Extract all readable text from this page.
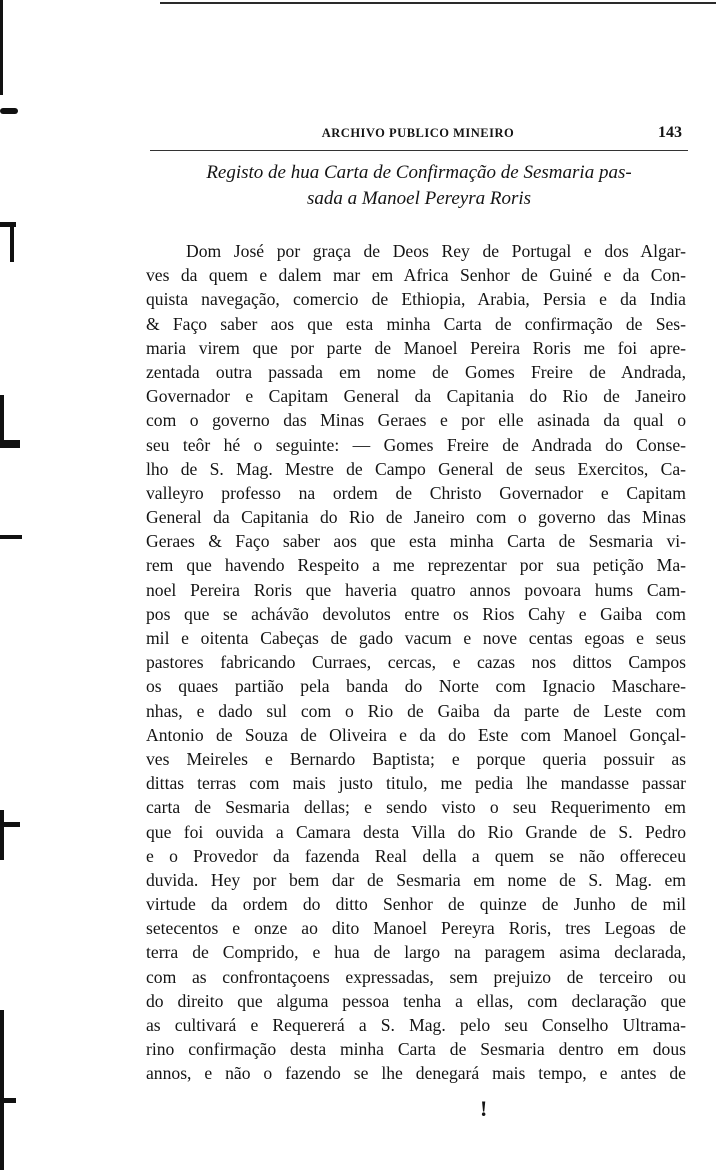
ARCHIVO PUBLICO MINEIRO	143
Registo de hua Carta de Confirmação de Sesmaria pas-
sada a Manoel Pereyra Roris
Dom José por graça de Deos Rey de Portugal e dos Algar-
ves da quem e dalem mar em Africa Senhor de Guiné e da Con-
quista navegação, comercio de Ethiopia, Arabia, Persia e da India
& Faço saber aos que esta minha Carta de confirmação de Ses-
maria virem que por parte de Manoel Pereira Roris me foi apre-
zentada outra passada em nome de Gomes Freire de Andrada,
Governador e Capitam General da Capitania do Rio de Janeiro
com o governo das Minas Geraes e por elle asinada da qual o
seu teôr hé o seguinte: — Gomes Freire de Andrada do Conse-
lho de S. Mag. Mestre de Campo General de seus Exercitos, Ca-
valleyro professo na ordem de Christo Governador e Capitam
General da Capitania do Rio de Janeiro com o governo das Minas
Geraes & Faço saber aos que esta minha Carta de Sesmaria vi-
rem que havendo Respeito a me reprezentar por sua petição Ma-
noel Pereira Roris que haveria quatro annos povoara hums Cam-
pos que se achávão devolutos entre os Rios Cahy e Gaiba com
mil e oitenta Cabeças de gado vacum e nove centas egoas e seus
pastores fabricando Curraes, cercas, e cazas nos dittos Campos
os quaes partião pela banda do Norte com Ignacio Maschare-
nhas, e dado sul com o Rio de Gaiba da parte de Leste com
Antonio de Souza de Oliveira e da do Este com Manoel Gonçal-
ves Meireles e Bernardo Baptista; e porque queria possuir as
dittas terras com mais justo titulo, me pedia lhe mandasse passar
carta de Sesmaria dellas; e sendo visto o seu Requerimento em
que foi ouvida a Camara desta Villa do Rio Grande de S. Pedro
e o Provedor da fazenda Real della a quem se não offereceu
duvida. Hey por bem dar de Sesmaria em nome de S. Mag. em
virtude da ordem do ditto Senhor de quinze de Junho de mil
setecentos e onze ao dito Manoel Pereyra Roris, tres Legoas de
terra de Comprido, e hua de largo na paragem asima declarada,
com as confrontaçoens expressadas, sem prejuizo de terceiro ou
do direito que alguma pessoa tenha a ellas, com declaração que
as cultivará e Requererá a S. Mag. pelo seu Conselho Ultrama-
rino confirmação desta minha Carta de Sesmaria dentro em dous
annos, e não o fazendo se lhe denegará mais tempo, e antes de
!
